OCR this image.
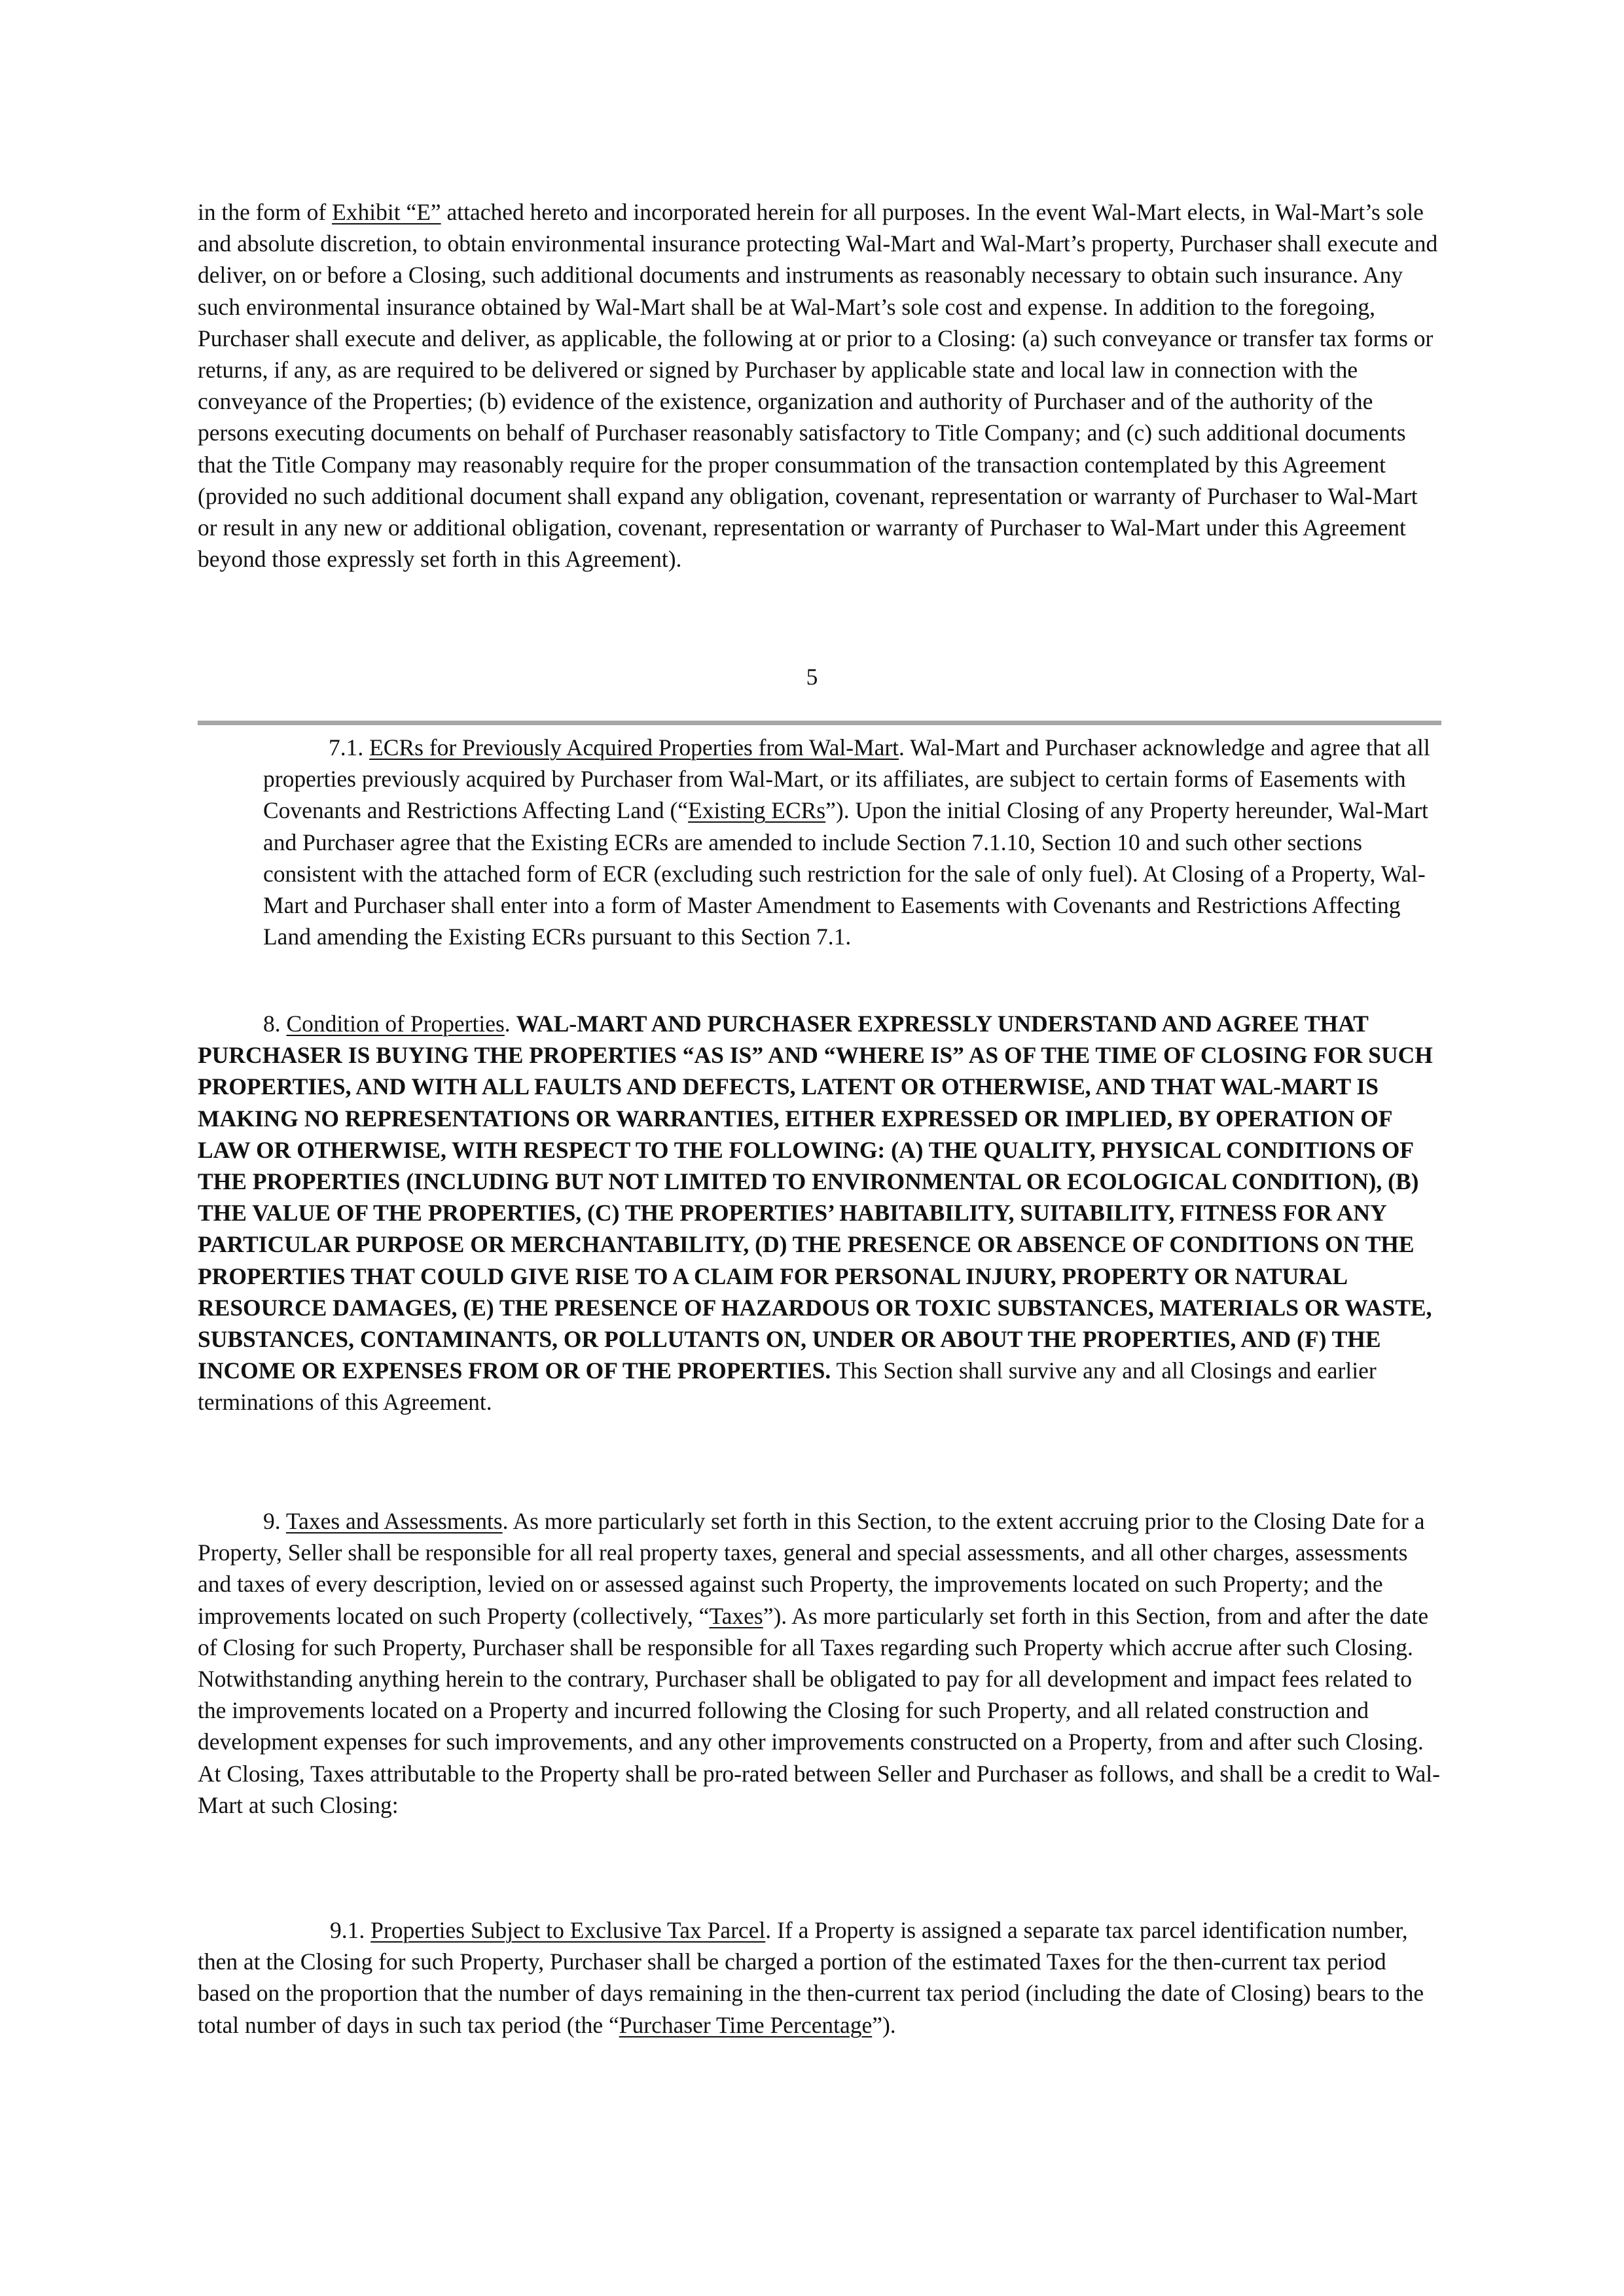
in the form of Exhibit “E” attached hereto and incorporated herein for all purposes. In the event Wal-Mart elects, in Wal-Mart’s sole and absolute discretion, to obtain environmental insurance protecting Wal-Mart and Wal-Mart’s property, Purchaser shall execute and deliver, on or before a Closing, such additional documents and instruments as reasonably necessary to obtain such insurance. Any such environmental insurance obtained by Wal-Mart shall be at Wal-Mart’s sole cost and expense. In addition to the foregoing, Purchaser shall execute and deliver, as applicable, the following at or prior to a Closing: (a) such conveyance or transfer tax forms or returns, if any, as are required to be delivered or signed by Purchaser by applicable state and local law in connection with the conveyance of the Properties; (b) evidence of the existence, organization and authority of Purchaser and of the authority of the persons executing documents on behalf of Purchaser reasonably satisfactory to Title Company; and (c) such additional documents that the Title Company may reasonably require for the proper consummation of the transaction contemplated by this Agreement (provided no such additional document shall expand any obligation, covenant, representation or warranty of Purchaser to Wal-Mart or result in any new or additional obligation, covenant, representation or warranty of Purchaser to Wal-Mart under this Agreement beyond those expressly set forth in this Agreement).

5

7.1. ECRs for Previously Acquired Properties from Wal-Mart. Wal-Mart and Purchaser acknowledge and agree that all properties previously acquired by Purchaser from Wal-Mart, or its affiliates, are subject to certain forms of Easements with Covenants and Restrictions Affecting Land (“Existing ECRs”). Upon the initial Closing of any Property hereunder, Wal-Mart and Purchaser agree that the Existing ECRs are amended to include Section 7.1.10, Section 10 and such other sections consistent with the attached form of ECR (excluding such restriction for the sale of only fuel). At Closing of a Property, Wal-Mart and Purchaser shall enter into a form of Master Amendment to Easements with Covenants and Restrictions Affecting Land amending the Existing ECRs pursuant to this Section 7.1.

8. Condition of Properties. WAL-MART AND PURCHASER EXPRESSLY UNDERSTAND AND AGREE THAT PURCHASER IS BUYING THE PROPERTIES “AS IS” AND “WHERE IS” AS OF THE TIME OF CLOSING FOR SUCH PROPERTIES, AND WITH ALL FAULTS AND DEFECTS, LATENT OR OTHERWISE, AND THAT WAL-MART IS MAKING NO REPRESENTATIONS OR WARRANTIES, EITHER EXPRESSED OR IMPLIED, BY OPERATION OF LAW OR OTHERWISE, WITH RESPECT TO THE FOLLOWING: (A) THE QUALITY, PHYSICAL CONDITIONS OF THE PROPERTIES (INCLUDING BUT NOT LIMITED TO ENVIRONMENTAL OR ECOLOGICAL CONDITION), (B) THE VALUE OF THE PROPERTIES, (C) THE PROPERTIES’ HABITABILITY, SUITABILITY, FITNESS FOR ANY PARTICULAR PURPOSE OR MERCHANTABILITY, (D) THE PRESENCE OR ABSENCE OF CONDITIONS ON THE PROPERTIES THAT COULD GIVE RISE TO A CLAIM FOR PERSONAL INJURY, PROPERTY OR NATURAL RESOURCE DAMAGES, (E) THE PRESENCE OF HAZARDOUS OR TOXIC SUBSTANCES, MATERIALS OR WASTE, SUBSTANCES, CONTAMINANTS, OR POLLUTANTS ON, UNDER OR ABOUT THE PROPERTIES, AND (F) THE INCOME OR EXPENSES FROM OR OF THE PROPERTIES. This Section shall survive any and all Closings and earlier terminations of this Agreement.

9. Taxes and Assessments. As more particularly set forth in this Section, to the extent accruing prior to the Closing Date for a Property, Seller shall be responsible for all real property taxes, general and special assessments, and all other charges, assessments and taxes of every description, levied on or assessed against such Property, the improvements located on such Property; and the improvements located on such Property (collectively, “Taxes”). As more particularly set forth in this Section, from and after the date of Closing for such Property, Purchaser shall be responsible for all Taxes regarding such Property which accrue after such Closing. Notwithstanding anything herein to the contrary, Purchaser shall be obligated to pay for all development and impact fees related to the improvements located on a Property and incurred following the Closing for such Property, and all related construction and development expenses for such improvements, and any other improvements constructed on a Property, from and after such Closing. At Closing, Taxes attributable to the Property shall be pro-rated between Seller and Purchaser as follows, and shall be a credit to Wal-Mart at such Closing:

9.1. Properties Subject to Exclusive Tax Parcel. If a Property is assigned a separate tax parcel identification number, then at the Closing for such Property, Purchaser shall be charged a portion of the estimated Taxes for the then-current tax period based on the proportion that the number of days remaining in the then-current tax period (including the date of Closing) bears to the total number of days in such tax period (the “Purchaser Time Percentage”).
